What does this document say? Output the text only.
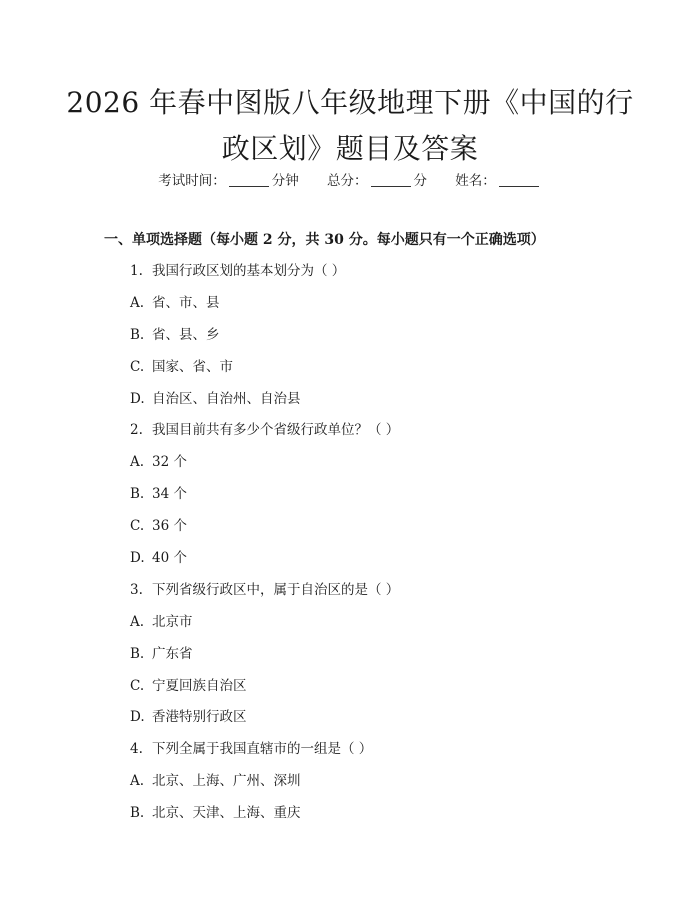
2026 年春中图版八年级地理下册《中国的行
政区划》题目及答案
考试时间：	分钟 总分：	分 姓名：
一、单项选择题（每小题 2 分，共 30 分。每小题只有一个正确选项）
1. 我国行政区划的基本划分为（ ）
A. 省、市、县
B. 省、县、乡
C. 国家、省、市
D. 自治区、自治州、自治县
2. 我国目前共有多少个省级行政单位？（ ）
A. 32 个
B. 34 个
C. 36 个
D. 40 个
3. 下列省级行政区中，属于自治区的是（ ）
A. 北京市
B. 广东省
C. 宁夏回族自治区
D. 香港特别行政区
4. 下列全属于我国直辖市的一组是（ ）
A. 北京、上海、广州、深圳
B. 北京、天津、上海、重庆
